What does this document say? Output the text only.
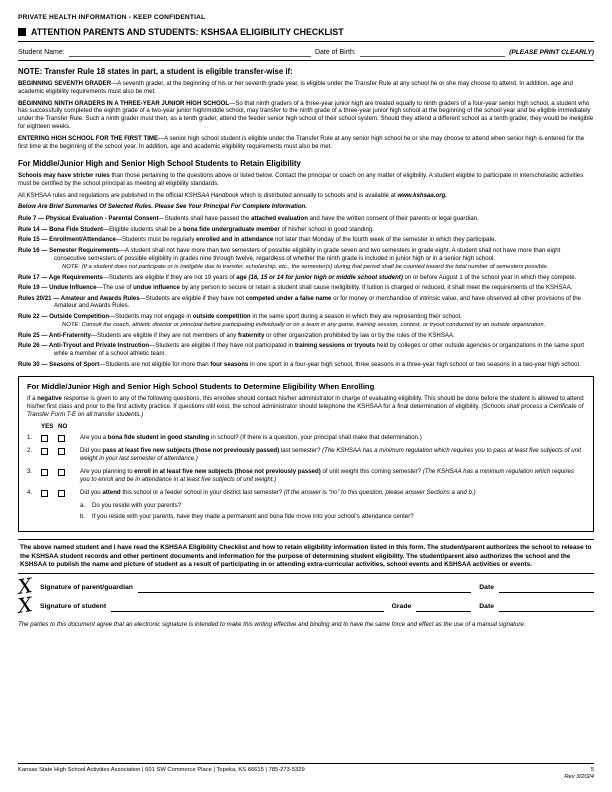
PRIVATE HEALTH INFORMATION - KEEP CONFIDENTIAL
ATTENTION PARENTS AND STUDENTS: KSHSAA ELIGIBILITY CHECKLIST
Student Name:	Date of Birth:	(PLEASE PRINT CLEARLY)
NOTE: Transfer Rule 18 states in part, a student is eligible transfer-wise if:
BEGINNING SEVENTH GRADER—A seventh grader, at the beginning of his or her seventh grade year, is eligible under the Transfer Rule at any school he or she may choose to attend. In addition, age and academic eligibility requirements must also be met.
BEGINNING NINTH GRADERS IN A THREE-YEAR JUNIOR HIGH SCHOOL—So that ninth graders of a three-year junior high are treated equally to ninth graders of a four-year senior high school, a student who has successfully completed the eighth grade of a two-year junior high/middle school, may transfer to the ninth grade of a three-year junior high school at the beginning of the school year and be eligible immediately under the Transfer Rule. Such a ninth grader must then, as a tenth grader, attend the feeder senior high school of their school system. Should they attend a different school as a tenth grader, they would be ineligible for eighteen weeks.
ENTERING HIGH SCHOOL FOR THE FIRST TIME—A senior high school student is eligible under the Transfer Rule at any senior high school he or she may choose to attend when senior high is entered for the first time at the beginning of the school year. In addition, age and academic eligibility requirements must also be met.
For Middle/Junior High and Senior High School Students to Retain Eligibility
Schools may have stricter rules than those pertaining to the questions above or listed below. Contact the principal or coach on any matter of eligibility. A student eligible to participate in interscholastic activities must be certified by the school principal as meeting all eligibility standards.
All KSHSAA rules and regulations are published in the official KSHSAA Handbook which is distributed annually to schools and is available at www.kshsaa.org.
Below Are Brief Summaries Of Selected Rules. Please See Your Principal For Complete Information.
Rule 7 — Physical Evaluation - Parental Consent—Students shall have passed the attached evaluation and have the written consent of their parents or legal guardian.
Rule 14 — Bona Fide Student—Eligible students shall be a bona fide undergraduate member of his/her school in good standing.
Rule 15 — Enrollment/Attendance—Students must be regularly enrolled and in attendance not later than Monday of the fourth week of the semester in which they participate.
Rule 16 — Semester Requirements—A student shall not have more than two semesters of possible eligibility in grade seven and two semesters in grade eight. A student shall not have more than eight consecutive semesters of possible eligibility in grades nine through twelve, regardless of whether the ninth grade is included in junior high or in a senior high school.
NOTE: (If a student does not participate or is ineligible due to transfer, scholarship, etc., the semester(s) during that period shall be counted toward the total number of semesters possible.
Rule 17 — Age Requirements—Students are eligible if they are not 19 years of age (16, 15 or 14 for junior high or middle school student) on or before August 1 of the school year in which they compete.
Rule 19 — Undue Influence—The use of undue influence by any person to secure or retain a student shall cause ineligibility. If tuition is charged or reduced, it shall meet the requirements of the KSHSAA.
Rules 20/21 — Amateur and Awards Rules—Students are eligible if they have not competed under a false name or for money or merchandise of intrinsic value, and have observed all other provisions of the Amateur and Awards Rules.
Rule 22 — Outside Competition—Students may not engage in outside competition in the same sport during a season in which they are representing their school.
NOTE: Consult the coach, athletic director or principal before participating individually or on a team in any game, training session, contest, or tryout conducted by an outside organization.
Rule 25 — Anti-Fraternity—Students are eligible if they are not members of any fraternity or other organization prohibited by law or by the rules of the KSHSAA.
Rule 26 — Anti-Tryout and Private Instruction—Students are eligible if they have not participated in training sessions or tryouts held by colleges or other outside agencies or organizations in the same sport while a member of a school athletic team.
Rule 30 — Seasons of Sport—Students are not eligible for more than four seasons in one sport in a four-year high school, three seasons in a three-year high school or two seasons in a two-year high school.
For Middle/Junior High and Senior High School Students to Determine Eligibility When Enrolling
If a negative response is given to any of the following questions, this enrollee should contact his/her administrator in charge of evaluating eligibility. This should be done before the student is allowed to attend his/her first class and prior to the first activity practice. If questions still exist, the school administrator should telephone the KSHSAA for a final determination of eligibility. (Schools shall process a Certificate of Transfer Form T-E on all transfer students.)
YES NO
1.	Are you a bona fide student in good standing in school? (If there is a question, your principal shall make that determination.)
2.	Did you pass at least five new subjects (those not previously passed) last semester? (The KSHSAA has a minimum regulation which requires you to pass at least five subjects of unit weight in your last semester of attendance.)
3.	Are you planning to enroll in at least five new subjects (those not previously passed) of unit weight this coming semester? (The KSHSAA has a minimum regulation which requires you to enroll and be in attendance in at least five subjects of unit weight.)
4.	Did you attend this school or a feeder school in your district last semester? (If the answer is “no” to this question, please answer Sections a and b.)
a.	Do you reside with your parents?
b.	If you reside with your parents, have they made a permanent and bona fide move into your school's attendance center?
The above named student and I have read the KSHSAA Eligibility Checklist and how to retain eligibility information listed in this form. The student/parent authorizes the school to release to the KSHSAA student records and other pertinent documents and information for the purpose of determining student eligibility. The student/parent also authorizes the school and the KSHSAA to publish the name and picture of student as a result of participating in or attending extra-curricular activities, school events and KSHSAA activities or events.
X Signature of parent/guardian	Date
X Signature of student	Grade	Date
The parties to this document agree that an electronic signature is intended to make this writing effective and binding and to have the same force and effect as the use of a manual signature.
Kansas State High School Activities Association | 601 SW Commerce Place | Topeka, KS 66615 | 785-273-5329	5
Rev 3/2024
